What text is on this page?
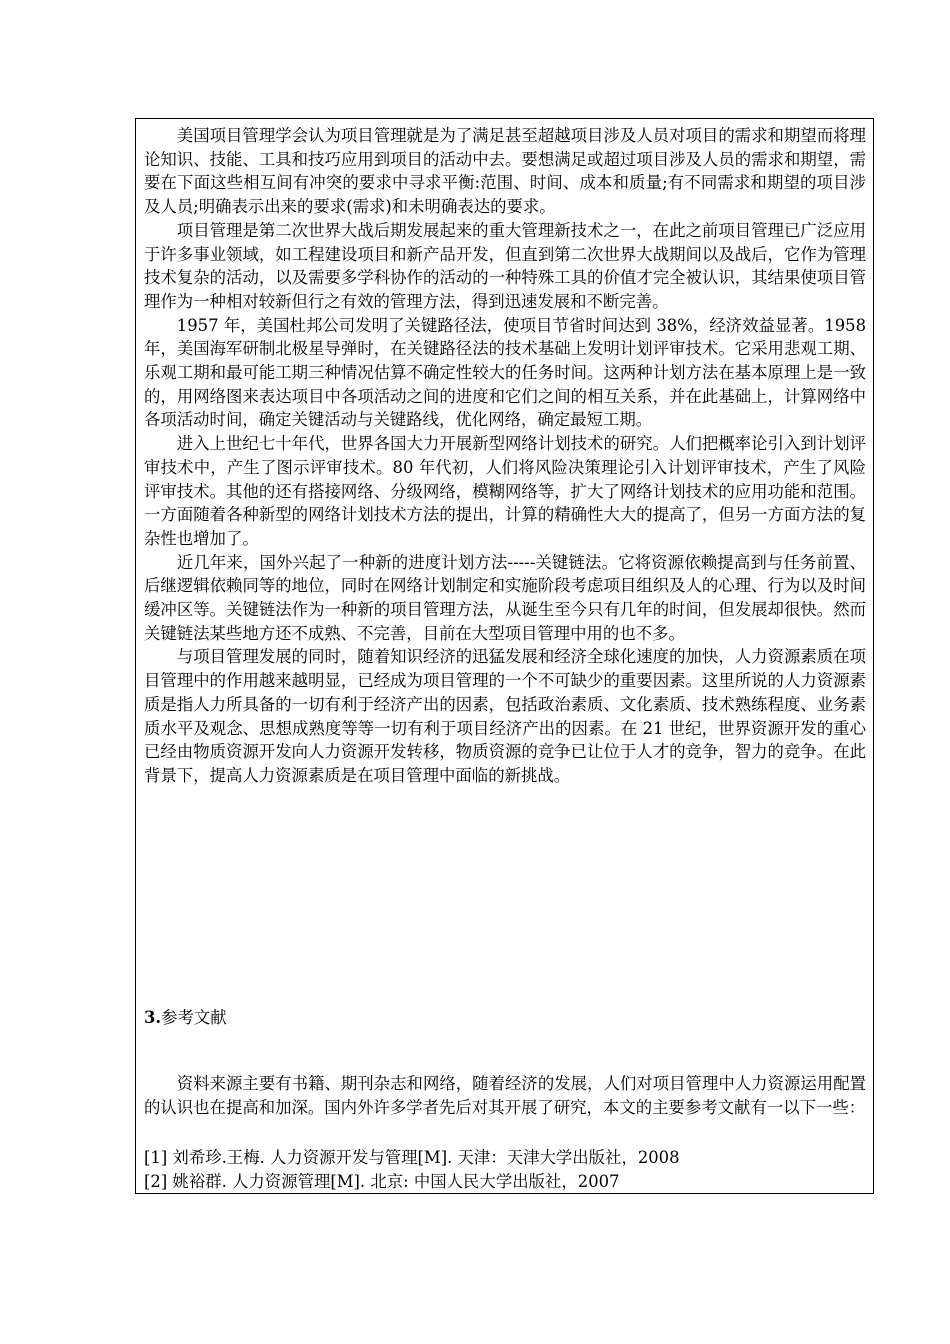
美国项目管理学会认为项目管理就是为了满足甚至超越项目涉及人员对项目的需求和期望而将理论知识、技能、工具和技巧应用到项目的活动中去。要想满足或超过项目涉及人员的需求和期望，需要在下面这些相互间有冲突的要求中寻求平衡:范围、时间、成本和质量;有不同需求和期望的项目涉及人员;明确表示出来的要求(需求)和未明确表达的要求。

项目管理是第二次世界大战后期发展起来的重大管理新技术之一，在此之前项目管理已广泛应用于许多事业领域，如工程建设项目和新产品开发，但直到第二次世界大战期间以及战后，它作为管理技术复杂的活动，以及需要多学科协作的活动的一种特殊工具的价值才完全被认识，其结果使项目管理作为一种相对较新但行之有效的管理方法，得到迅速发展和不断完善。

1957 年，美国杜邦公司发明了关键路径法，使项目节省时间达到 38%，经济效益显著。1958 年，美国海军研制北极星导弹时，在关键路径法的技术基础上发明计划评审技术。它采用悲观工期、乐观工期和最可能工期三种情况估算不确定性较大的任务时间。这两种计划方法在基本原理上是一致的，用网络图来表达项目中各项活动之间的进度和它们之间的相互关系，并在此基础上，计算网络中各项活动时间，确定关键活动与关键路线，优化网络，确定最短工期。

进入上世纪七十年代，世界各国大力开展新型网络计划技术的研究。人们把概率论引入到计划评审技术中，产生了图示评审技术。80 年代初，人们将风险决策理论引入计划评审技术，产生了风险评审技术。其他的还有搭接网络、分级网络，模糊网络等，扩大了网络计划技术的应用功能和范围。一方面随着各种新型的网络计划技术方法的提出，计算的精确性大大的提高了，但另一方面方法的复杂性也增加了。

近几年来，国外兴起了一种新的进度计划方法-----关键链法。它将资源依赖提高到与任务前置、后继逻辑依赖同等的地位，同时在网络计划制定和实施阶段考虑项目组织及人的心理、行为以及时间缓冲区等。关键链法作为一种新的项目管理方法，从诞生至今只有几年的时间，但发展却很快。然而关键链法某些地方还不成熟、不完善，目前在大型项目管理中用的也不多。

与项目管理发展的同时，随着知识经济的迅猛发展和经济全球化速度的加快，人力资源素质在项目管理中的作用越来越明显，已经成为项目管理的一个不可缺少的重要因素。这里所说的人力资源素质是指人力所具备的一切有利于经济产出的因素，包括政治素质、文化素质、技术熟练程度、业务素质水平及观念、思想成熟度等等一切有利于项目经济产出的因素。在 21 世纪，世界资源开发的重心已经由物质资源开发向人力资源开发转移，物质资源的竞争已让位于人才的竞争，智力的竞争。在此背景下，提高人力资源素质是在项目管理中面临的新挑战。

3.参考文献

资料来源主要有书籍、期刊杂志和网络，随着经济的发展，人们对项目管理中人力资源运用配置的认识也在提高和加深。国内外许多学者先后对其开展了研究，本文的主要参考文献有一以下一些：

[1] 刘希珍.王梅. 人力资源开发与管理[M]. 天津：天津大学出版社，2008
[2] 姚裕群. 人力资源管理[M]. 北京: 中国人民大学出版社，2007
